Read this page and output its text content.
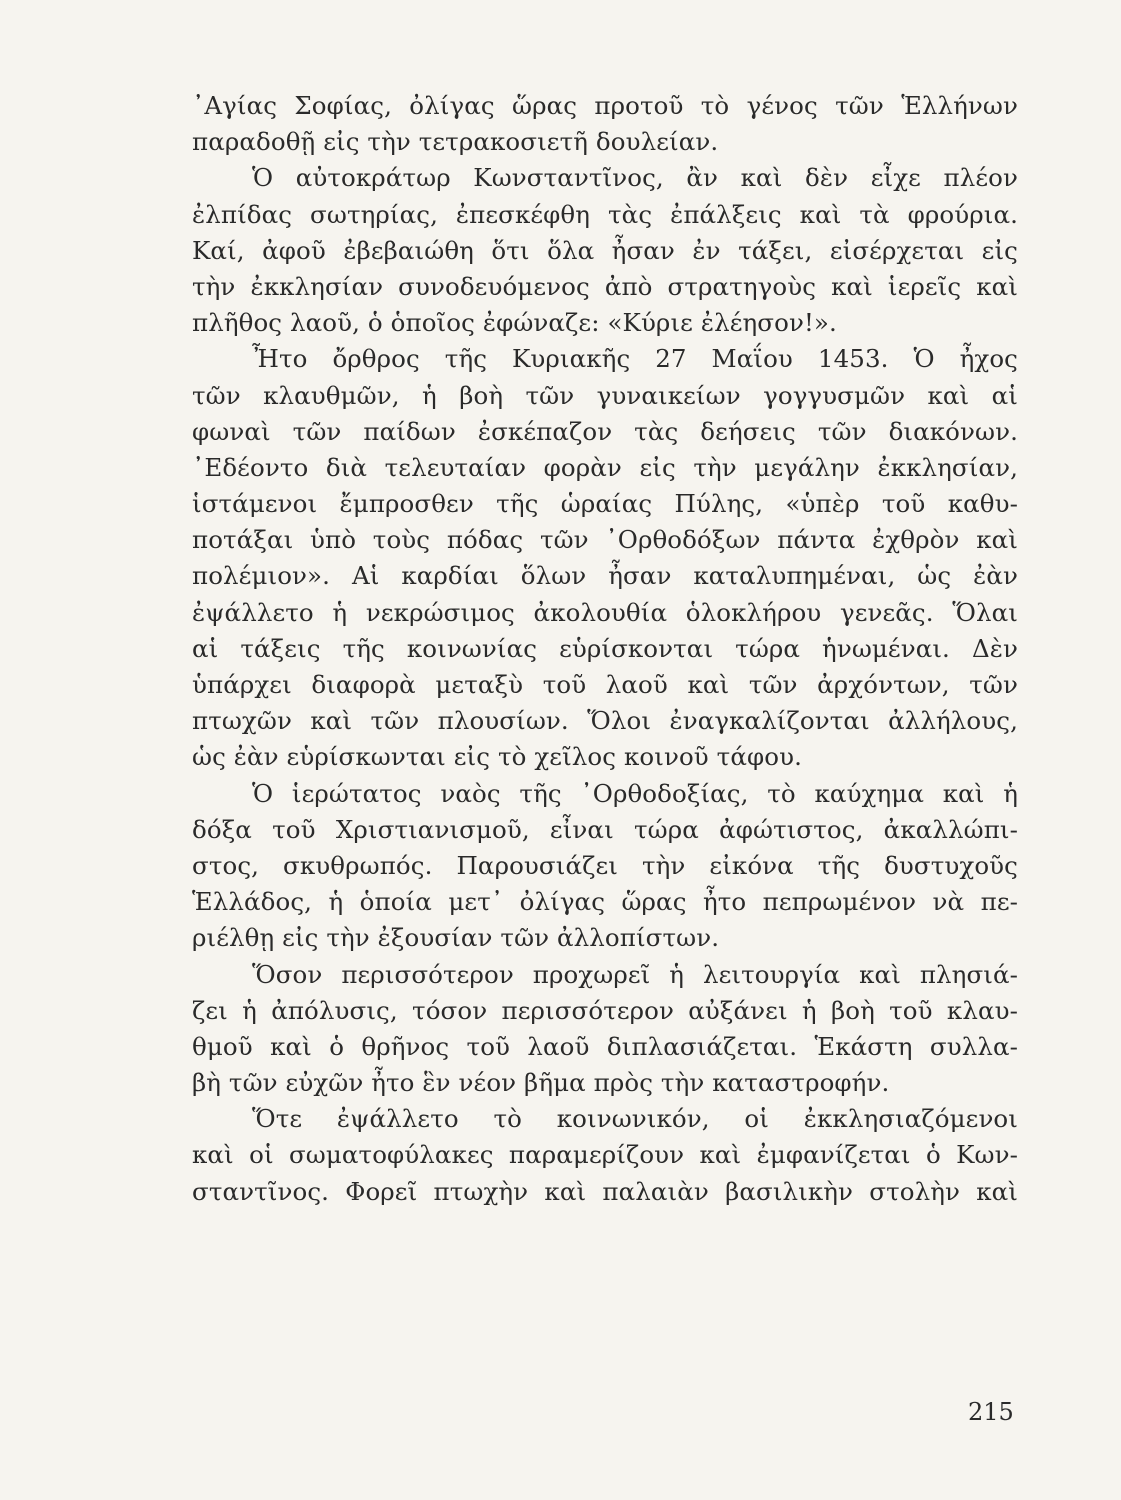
᾿Αγίας Σοφίας, ὀλίγας ὥρας προτοῦ τὸ γένος τῶν Ἑλλήνων
παραδοθῇ εἰς τὴν τετρακοσιετῆ δουλείαν.
Ὁ αὐτοκράτωρ Κωνσταντῖνος, ἂν καὶ δὲν εἶχε πλέον
ἐλπίδας σωτηρίας, ἐπεσκέφθη τὰς ἐπάλξεις καὶ τὰ φρούρια.
Καί, ἀφοῦ ἐβεβαιώθη ὅτι ὅλα ἦσαν ἐν τάξει, εἰσέρχεται εἰς
τὴν ἐκκλησίαν συνοδευόμενος ἀπὸ στρατηγοὺς καὶ ἱερεῖς καὶ
πλῆθος λαοῦ, ὁ ὁποῖος ἐφώναζε: «Κύριε ἐλέησον!».
Ἦτο ὄρθρος τῆς Κυριακῆς 27 Μαΐου 1453. Ὁ ἦχος
τῶν κλαυθμῶν, ἡ βοὴ τῶν γυναικείων γογγυσμῶν καὶ αἱ
φωναὶ τῶν παίδων ἐσκέπαζον τὰς δεήσεις τῶν διακόνων.
᾿Εδέοντο διὰ τελευταίαν φορὰν εἰς τὴν μεγάλην ἐκκλησίαν,
ἱστάμενοι ἔμπροσθεν τῆς ὡραίας Πύλης, «ὑπὲρ τοῦ καθυ-
ποτάξαι ὑπὸ τοὺς πόδας τῶν ᾿Ορθοδόξων πάντα ἐχθρὸν καὶ
πολέμιον». Αἱ καρδίαι ὅλων ἦσαν καταλυπημέναι, ὡς ἐὰν
ἐψάλλετο ἡ νεκρώσιμος ἀκολουθία ὁλοκλήρου γενεᾶς. Ὅλαι
αἱ τάξεις τῆς κοινωνίας εὑρίσκονται τώρα ἡνωμέναι. Δὲν
ὑπάρχει διαφορὰ μεταξὺ τοῦ λαοῦ καὶ τῶν ἀρχόντων, τῶν
πτωχῶν καὶ τῶν πλουσίων. Ὅλοι ἐναγκαλίζονται ἀλλήλους,
ὡς ἐὰν εὑρίσκωνται εἰς τὸ χεῖλος κοινοῦ τάφου.
Ὁ ἱερώτατος ναὸς τῆς ᾿Ορθοδοξίας, τὸ καύχημα καὶ ἡ
δόξα τοῦ Χριστιανισμοῦ, εἶναι τώρα ἀφώτιστος, ἀκαλλώπι-
στος, σκυθρωπός. Παρουσιάζει τὴν εἰκόνα τῆς δυστυχοῦς
Ἑλλάδος, ἡ ὁποία μετ᾿ ὀλίγας ὥρας ἦτο πεπρωμένον νὰ πε-
ριέλθῃ εἰς τὴν ἐξουσίαν τῶν ἀλλοπίστων.
Ὅσον περισσότερον προχωρεῖ ἡ λειτουργία καὶ πλησιά-
ζει ἡ ἀπόλυσις, τόσον περισσότερον αὐξάνει ἡ βοὴ τοῦ κλαυ-
θμοῦ καὶ ὁ θρῆνος τοῦ λαοῦ διπλασιάζεται. Ἑκάστη συλλα-
βὴ τῶν εὐχῶν ἦτο ἓν νέον βῆμα πρὸς τὴν καταστροφήν.
Ὅτε ἐψάλλετο τὸ κοινωνικόν, οἱ ἐκκλησιαζόμενοι
καὶ οἱ σωματοφύλακες παραμερίζουν καὶ ἐμφανίζεται ὁ Κων-
σταντῖνος. Φορεῖ πτωχὴν καὶ παλαιὰν βασιλικὴν στολὴν καὶ
215
